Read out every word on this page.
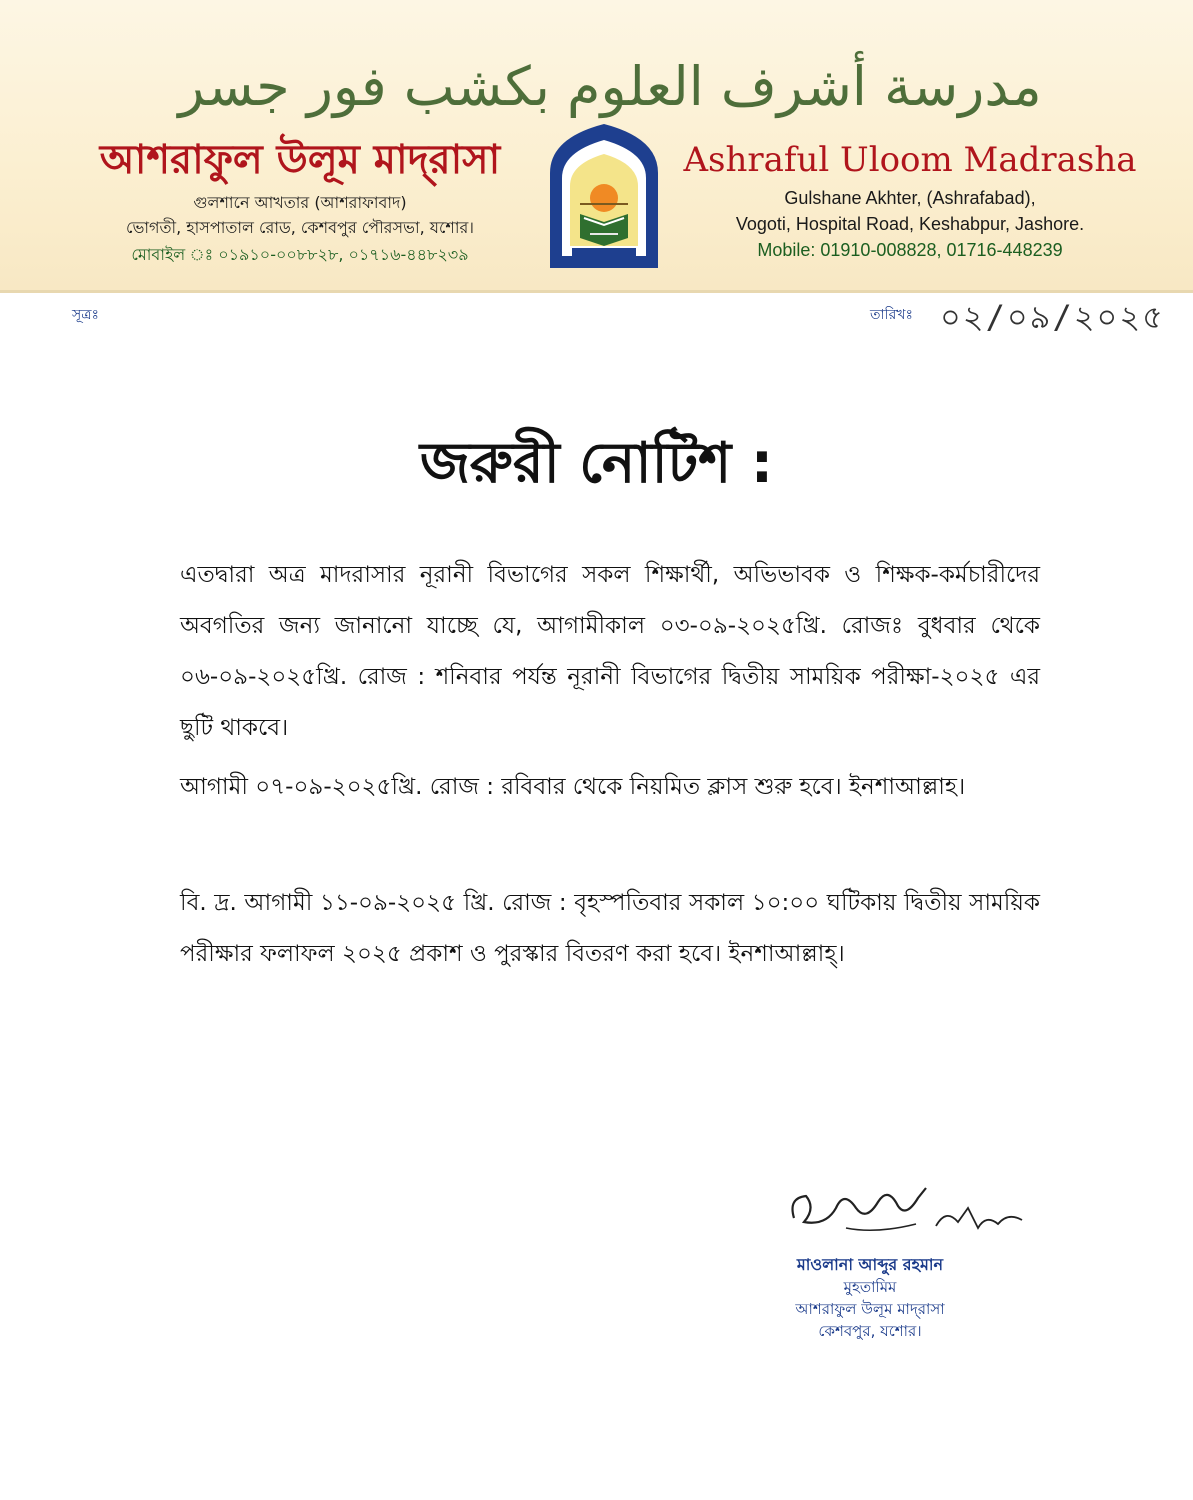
مدرسة أشرف العلوم بكشب فور جسر
আশরাফুল উলূম মাদ্‌রাসা
গুলশানে আখতার (আশরাফাবাদ)
ভোগতী, হাসপাতাল রোড, কেশবপুর পৌরসভা, যশোর।
মোবাইল ঃ ০১৯১০-০০৮৮২৮, ০১৭১৬-৪৪৮২৩৯
Ashraful Uloom Madrasha
Gulshane Akhter, (Ashrafabad),
Vogoti, Hospital Road, Keshabpur, Jashore.
Mobile: 01910-008828, 01716-448239
সূত্রঃ	তারিখঃ ০২/০৯/২০২৫
জরুরী নোটিশ :
এতদ্বারা অত্র মাদরাসার নূরানী বিভাগের সকল শিক্ষার্থী, অভিভাবক ও শিক্ষক-কর্মচারীদের অবগতির জন্য জানানো যাচ্ছে যে, আগামীকাল ০৩-০৯-২০২৫খ্রি. রোজঃ বুধবার থেকে ০৬-০৯-২০২৫খ্রি. রোজ : শনিবার পর্যন্ত নূরানী বিভাগের দ্বিতীয় সাময়িক পরীক্ষা-২০২৫ এর ছুটি থাকবে।
আগামী ০৭-০৯-২০২৫খ্রি. রোজ : রবিবার থেকে নিয়মিত ক্লাস শুরু হবে। ইনশাআল্লাহ।
বি. দ্র. আগামী ১১-০৯-২০২৫ খ্রি. রোজ : বৃহস্পতিবার সকাল ১০:০০ ঘটিকায় দ্বিতীয় সাময়িক পরীক্ষার ফলাফল ২০২৫ প্রকাশ ও পুরস্কার বিতরণ করা হবে। ইনশাআল্লাহ্।
মাওলানা আব্দুর রহমান
মুহতামিম
আশরাফুল উলূম মাদ্‌রাসা
কেশবপুর, যশোর।
